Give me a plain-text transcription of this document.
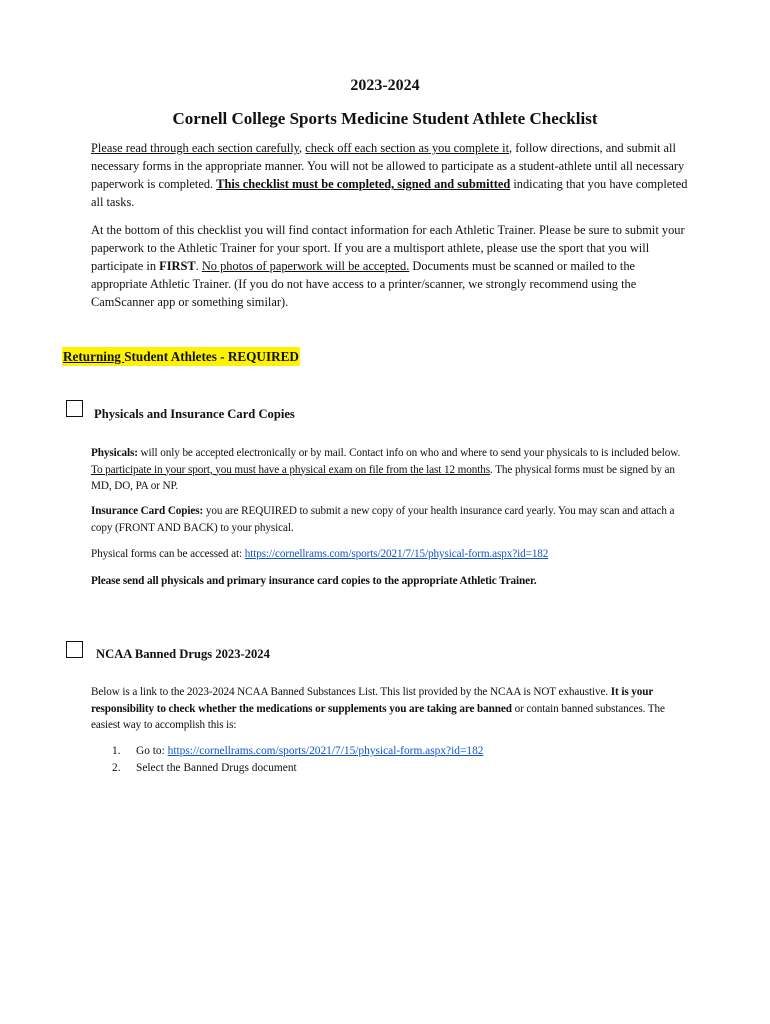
2023-2024
Cornell College Sports Medicine Student Athlete Checklist
Please read through each section carefully, check off each section as you complete it, follow directions, and submit all necessary forms in the appropriate manner. You will not be allowed to participate as a student-athlete until all necessary paperwork is completed. This checklist must be completed, signed and submitted indicating that you have completed all tasks.
At the bottom of this checklist you will find contact information for each Athletic Trainer. Please be sure to submit your paperwork to the Athletic Trainer for your sport. If you are a multisport athlete, please use the sport that you will participate in FIRST. No photos of paperwork will be accepted. Documents must be scanned or mailed to the appropriate Athletic Trainer. (If you do not have access to a printer/scanner, we strongly recommend using the CamScanner app or something similar).
Returning Student Athletes - REQUIRED
Physicals and Insurance Card Copies
Physicals: will only be accepted electronically or by mail. Contact info on who and where to send your physicals to is included below. To participate in your sport, you must have a physical exam on file from the last 12 months. The physical forms must be signed by an MD, DO, PA or NP.
Insurance Card Copies: you are REQUIRED to submit a new copy of your health insurance card yearly. You may scan and attach a copy (FRONT AND BACK) to your physical.
Physical forms can be accessed at: https://cornellrams.com/sports/2021/7/15/physical-form.aspx?id=182
Please send all physicals and primary insurance card copies to the appropriate Athletic Trainer.
NCAA Banned Drugs 2023-2024
Below is a link to the 2023-2024 NCAA Banned Substances List. This list provided by the NCAA is NOT exhaustive. It is your responsibility to check whether the medications or supplements you are taking are banned or contain banned substances. The easiest way to accomplish this is:
1.	Go to: https://cornellrams.com/sports/2021/7/15/physical-form.aspx?id=182
2.	Select the Banned Drugs document
